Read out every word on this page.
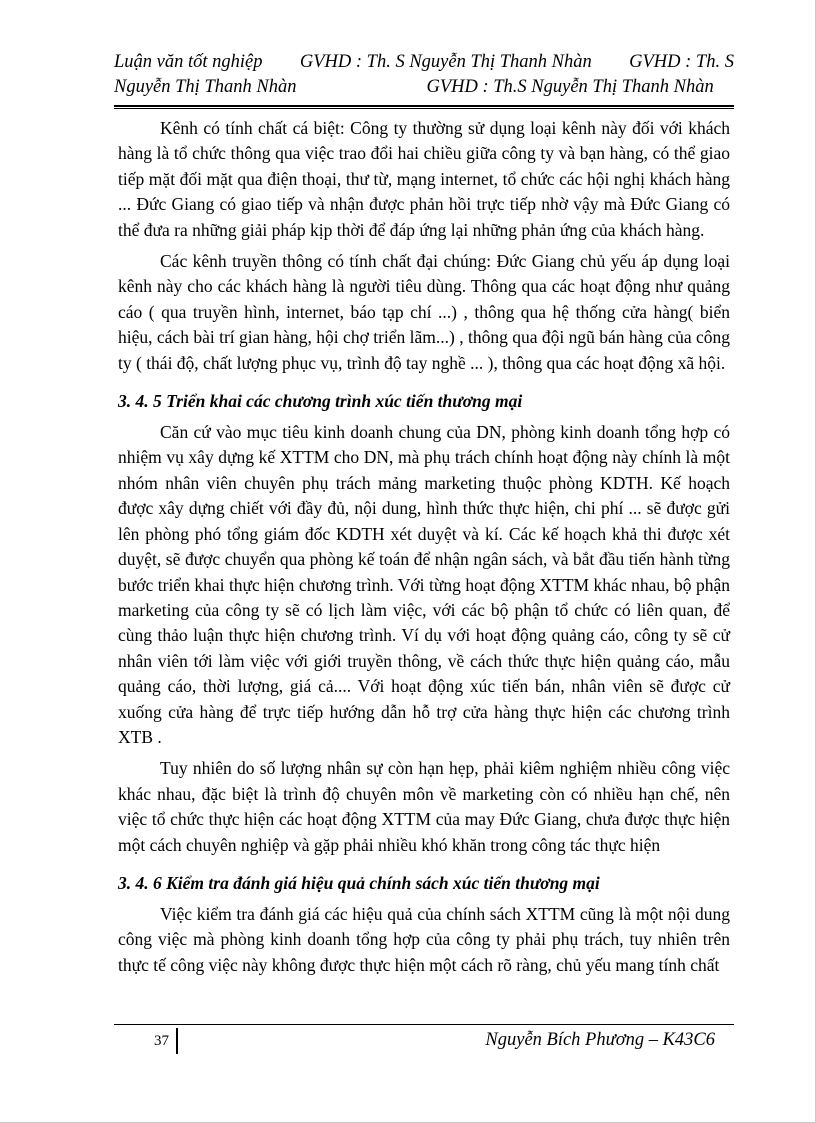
Luận văn tốt nghiệp GVHD : Th. S Nguyễn Thị Thanh Nhàn GVHD : Th. S
Nguyễn Thị Thanh Nhàn	GVHD : Th.S Nguyễn Thị Thanh Nhàn

Kênh có tính chất cá biệt: Công ty thường sử dụng loại kênh này đối với khách hàng là tổ chức thông qua việc trao đổi hai chiều giữa công ty và bạn hàng, có thể giao tiếp mặt đối mặt qua điện thoại, thư từ, mạng internet, tổ chức các hội nghị khách hàng ... Đức Giang có giao tiếp và nhận được phản hồi trực tiếp nhờ vậy mà Đức Giang có thể đưa ra những giải pháp kịp thời để đáp ứng lại những phản ứng của khách hàng.

Các kênh truyền thông có tính chất đại chúng: Đức Giang chủ yếu áp dụng loại kênh này cho các khách hàng là người tiêu dùng. Thông qua các hoạt động như quảng cáo ( qua truyền hình, internet, báo tạp chí ...) , thông qua hệ thống cửa hàng( biển hiệu, cách bài trí gian hàng, hội chợ triển lãm...) , thông qua đội ngũ bán hàng của công ty ( thái độ, chất lượng phục vụ, trình độ tay nghề ... ), thông qua các hoạt động xã hội.

3. 4. 5 Triển khai các chương trình xúc tiến thương mại

Căn cứ vào mục tiêu kinh doanh chung của DN, phòng kinh doanh tổng hợp có nhiệm vụ xây dựng kế XTTM cho DN, mà phụ trách chính hoạt động này chính là một nhóm nhân viên chuyên phụ trách mảng marketing thuộc phòng KDTH. Kế hoạch được xây dựng chiết với đầy đủ, nội dung, hình thức thực hiện, chi phí ... sẽ được gửi lên phòng phó tổng giám đốc KDTH xét duyệt và kí. Các kế hoạch khả thi được xét duyệt, sẽ được chuyển qua phòng kế toán để nhận ngân sách, và bắt đầu tiến hành từng bước triển khai thực hiện chương trình. Với từng hoạt động XTTM khác nhau, bộ phận marketing của công ty sẽ có lịch làm việc, với các bộ phận tổ chức có liên quan, để cùng thảo luận thực hiện chương trình. Ví dụ với hoạt động quảng cáo, công ty sẽ cử nhân viên tới làm việc với giới truyền thông, về cách thức thực hiện quảng cáo, mẫu quảng cáo, thời lượng, giá cả.... Với hoạt động xúc tiến bán, nhân viên sẽ được cử xuống cửa hàng để trực tiếp hướng dẫn hỗ trợ cửa hàng thực hiện các chương trình XTB .

Tuy nhiên do số lượng nhân sự còn hạn hẹp, phải kiêm nghiệm nhiều công việc khác nhau, đặc biệt là trình độ chuyên môn về marketing còn có nhiều hạn chế, nên việc tổ chức thực hiện các hoạt động XTTM của may Đức Giang, chưa được thực hiện một cách chuyên nghiệp và gặp phải nhiều khó khăn trong công tác thực hiện

3. 4. 6 Kiểm tra đánh giá hiệu quả chính sách xúc tiến thương mại

Việc kiểm tra đánh giá các hiệu quả của chính sách XTTM cũng là một nội dung công việc mà phòng kinh doanh tổng hợp của công ty phải phụ trách, tuy nhiên trên thực tế công việc này không được thực hiện một cách rõ ràng, chủ yếu mang tính chất

37	Nguyễn Bích Phương – K43C6
